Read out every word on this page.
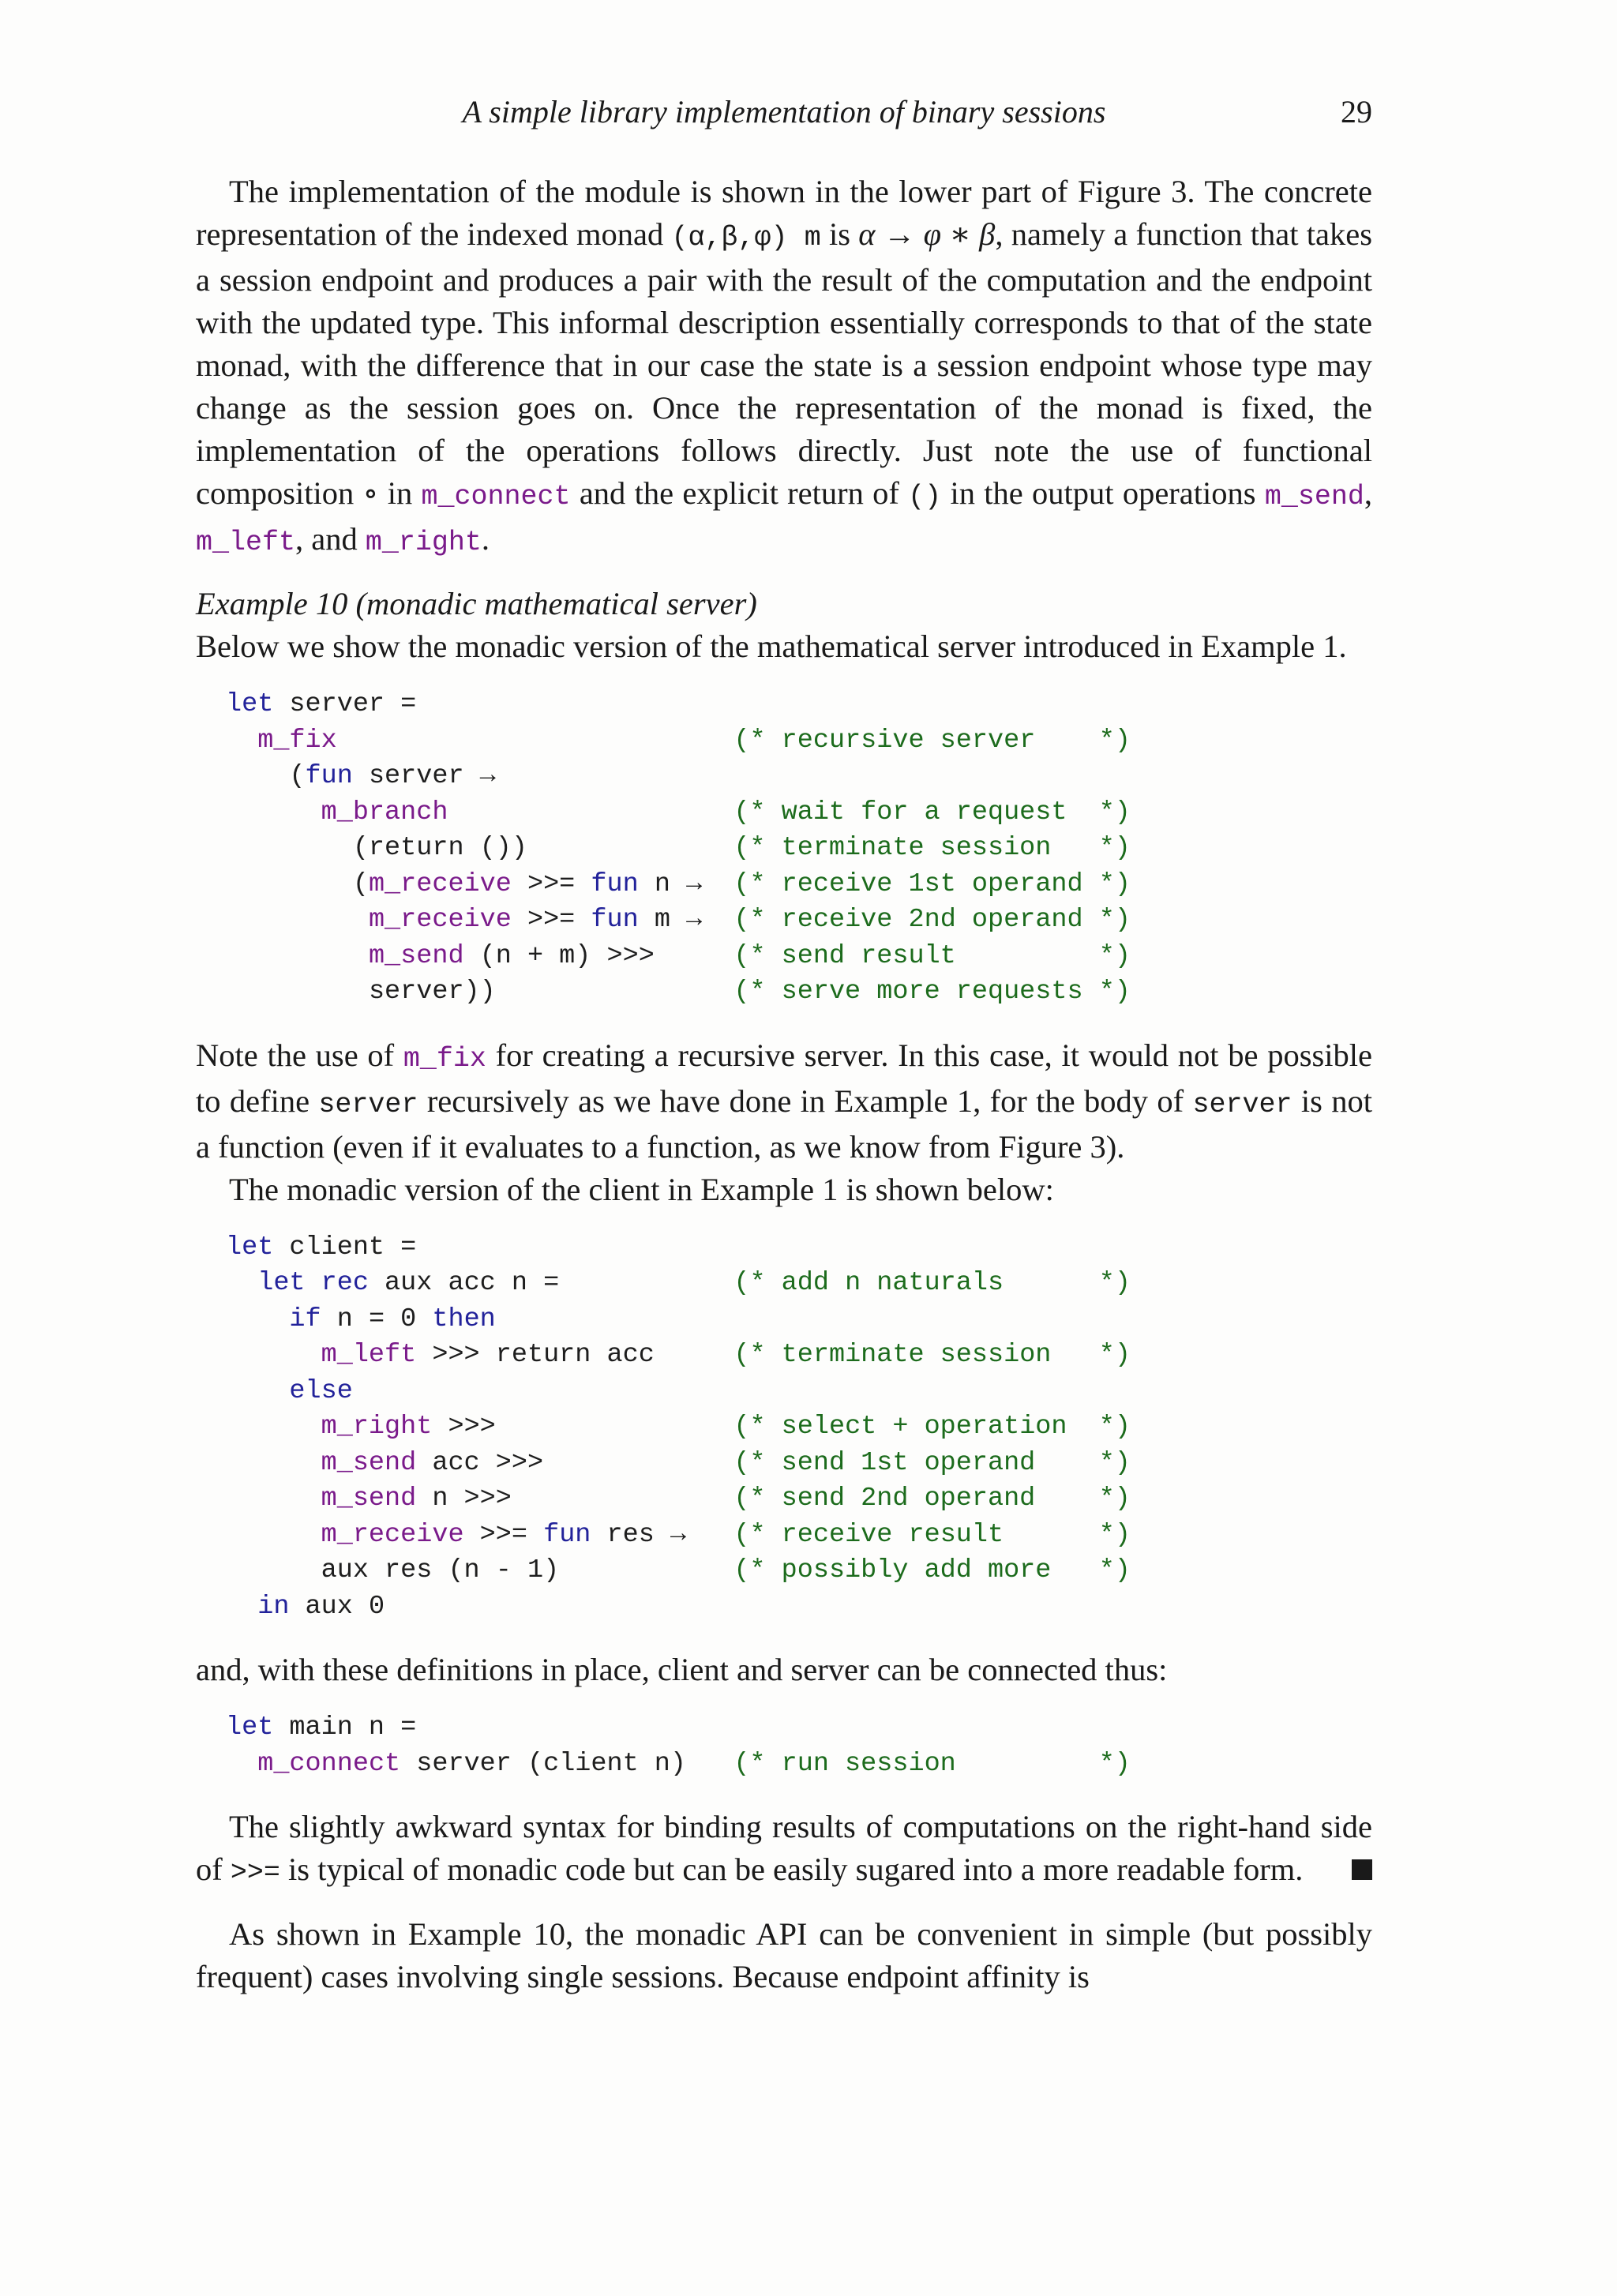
A simple library implementation of binary sessions	29

The implementation of the module is shown in the lower part of Figure 3. The concrete representation of the indexed monad (α,β,φ) m is α → φ ∗ β, namely a function that takes a session endpoint and produces a pair with the result of the computation and the endpoint with the updated type. This informal description essentially corresponds to that of the state monad, with the difference that in our case the state is a session endpoint whose type may change as the session goes on. Once the representation of the monad is fixed, the implementation of the operations follows directly. Just note the use of functional composition ∘ in m_connect and the explicit return of () in the output operations m_send, m_left, and m_right.

Example 10 (monadic mathematical server)

Below we show the monadic version of the mathematical server introduced in Example 1.

let server =
m_fix	(* recursive server    *)
(fun server →
m_branch	(* wait for a request  *)
(return ())	(* terminate session   *)
(m_receive >>= fun n →  (* receive 1st operand *)
m_receive >>= fun m →  (* receive 2nd operand *)
m_send (n + m) >>>	(* send result         *)
server))	(* serve more requests *)

Note the use of m_fix for creating a recursive server. In this case, it would not be possible to define server recursively as we have done in Example 1, for the body of server is not a function (even if it evaluates to a function, as we know from Figure 3).

The monadic version of the client in Example 1 is shown below:

let client =
let rec aux acc n =	(* add n naturals      *)
if n = 0 then
m_left >>> return acc	(* terminate session   *)
else
m_right >>>	(* select + operation  *)
m_send acc >>>	(* send 1st operand    *)
m_send n >>>	(* send 2nd operand    *)
m_receive >>= fun res →   (* receive result      *)
aux res (n - 1)	(* possibly add more   *)
in aux 0

and, with these definitions in place, client and server can be connected thus:

let main n =
m_connect server (client n) (* run session         *)

The slightly awkward syntax for binding results of computations on the right-hand side of >>= is typical of monadic code but can be easily sugared into a more readable form.

As shown in Example 10, the monadic API can be convenient in simple (but possibly frequent) cases involving single sessions. Because endpoint affinity is
